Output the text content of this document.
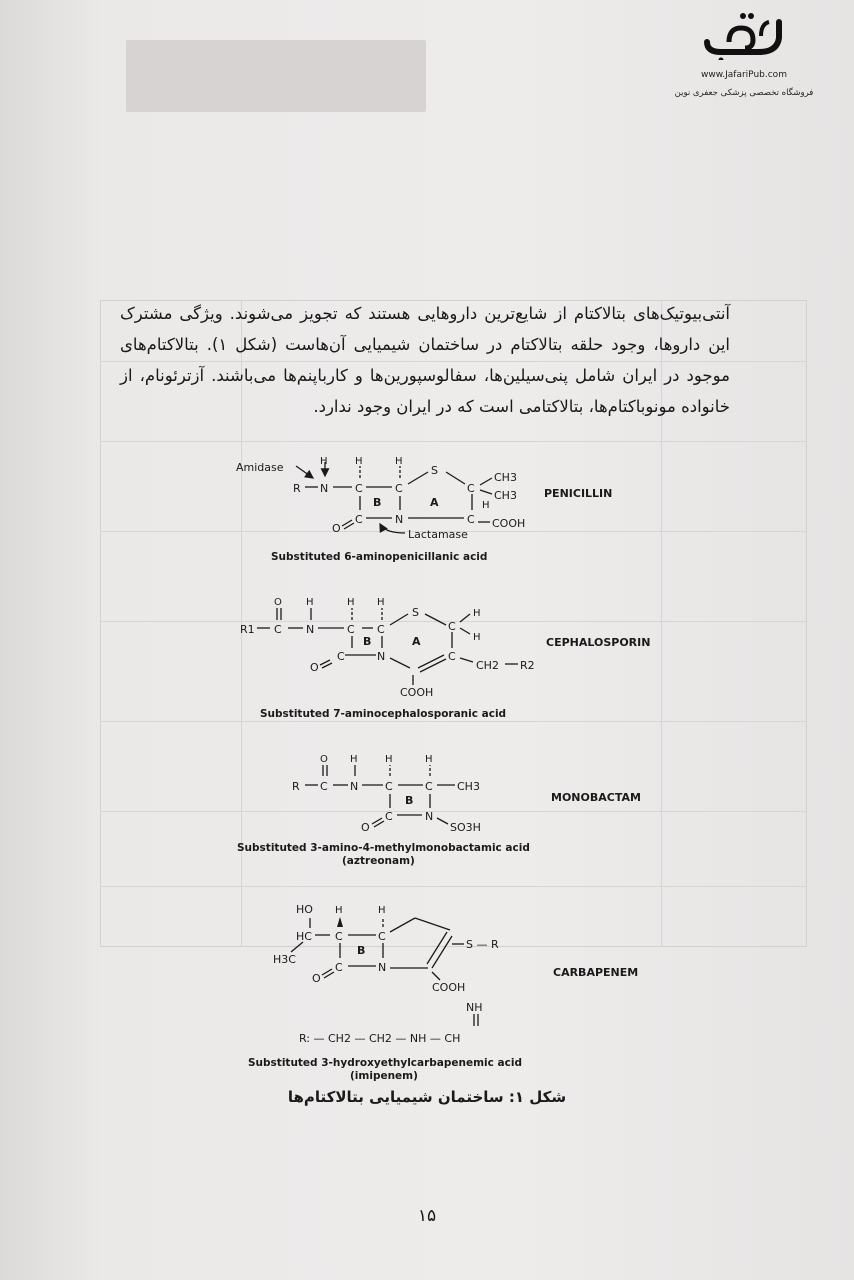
www.JafariPub.com
فروشگاه تخصصی پزشکی جعفری نوین
آنتی‌بیوتیک‌های بتالاکتام از شایع‌ترین داروهایی هستند که تجویز می‌شوند. ویژگی مشترک
این داروها، وجود حلقه بتالاکتام در ساختمان شیمیایی آن‌هاست (شکل ۱). بتالاکتام‌های
موجود در ایران شامل پنی‌سیلین‌ها، سفالوسپورین‌ها و کارباپنم‌ها می‌باشند. آزترئونام، از
خانواده مونوباکتام‌ها، بتالاکتامی است که در ایران وجود ندارد.
Amidase
R N C	C
H	H	H
S
C
CH3
CH3
H
B	A
C	N	C
O	COOH
Lactamase
PENICILLIN
Substituted 6-aminopenicillanic acid
R1 C N	C C
O H	H H
S
C
H
H
B	A
C	N	C
O	CH2 R2
COOH
CEPHALOSPORIN
Substituted 7-aminocephalosporanic acid
R C N C	C CH3
O H	H	H
B
C	N
O	SO3H
MONOBACTAM
Substituted 3-amino-4-methylmonobactamic acid
(aztreonam)
HO
HC
H3C
H	H
C	C
B
C	N
O
S — R
COOH
NH
R: — CH2 — CH2 — NH — CH
CARBAPENEM
Substituted 3-hydroxyethylcarbapenemic acid
(imipenem)
شکل ۱: ساختمان شیمیایی بتالاکتام‌ها
۱۵
